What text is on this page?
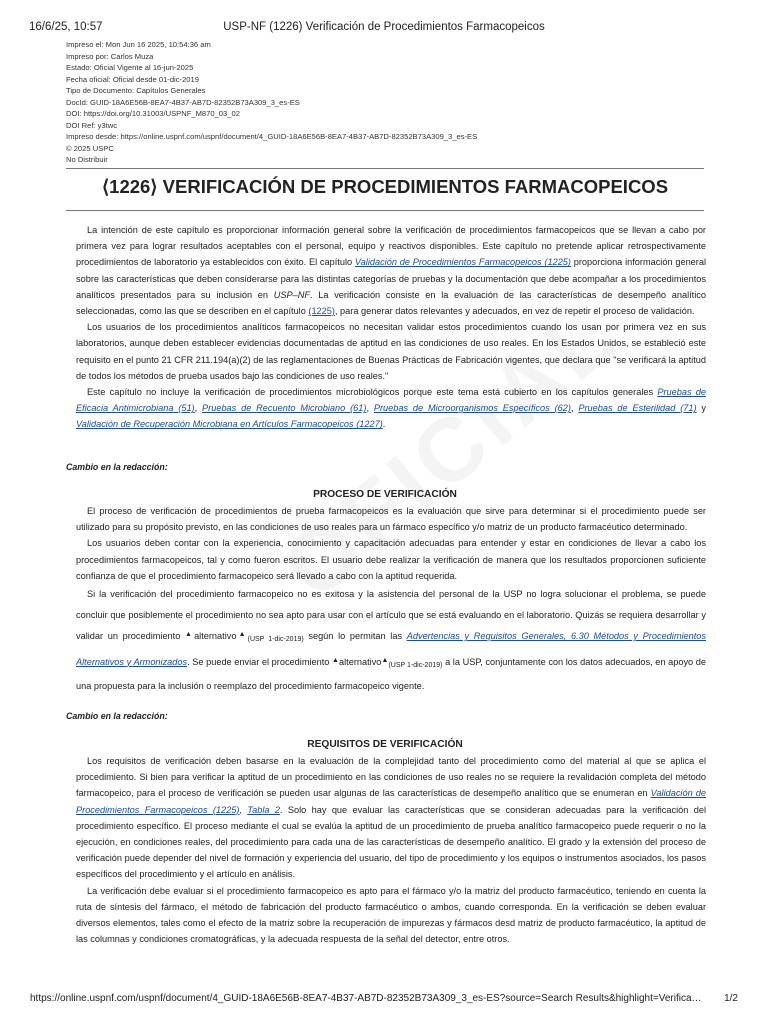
16/6/25, 10:57	USP-NF (1226) Verificación de Procedimientos Farmacopeicos
Impreso el: Mon Jun 16 2025, 10:54:36 am
Impreso por: Carlos Muza
Estado: Oficial Vigente al 16-jun-2025
Fecha oficial: Oficial desde 01-dic-2019
Tipo de Documento: Capítulos Generales
DocId: GUID-18A6E56B-8EA7-4B37-AB7D-82352B73A309_3_es-ES
DOI: https://doi.org/10.31003/USPNF_M870_03_02
DOI Ref: y3twc
Impreso desde: https://online.uspnf.com/uspnf/document/4_GUID-18A6E56B-8EA7-4B37-AB7D-82352B73A309_3_es-ES
© 2025 USPC
No Distribuir
⟨1226⟩ VERIFICACIÓN DE PROCEDIMIENTOS FARMACOPEICOS

La intención de este capítulo es proporcionar información general sobre la verificación de procedimientos farmacopeicos que se llevan a cabo por primera vez para lograr resultados aceptables con el personal, equipo y reactivos disponibles. Este capítulo no pretende aplicar retrospectivamente procedimientos de laboratorio ya establecidos con éxito. El capítulo Validación de Procedimientos Farmacopeicos (1225) proporciona información general sobre las características que deben considerarse para las distintas categorías de pruebas y la documentación que debe acompañar a los procedimientos analíticos presentados para su inclusión en USP–NF. La verificación consiste en la evaluación de las características de desempeño analítico seleccionadas, como las que se describen en el capítulo (1225), para generar datos relevantes y adecuados, en vez de repetir el proceso de validación.

Los usuarios de los procedimientos analíticos farmacopeicos no necesitan validar estos procedimientos cuando los usan por primera vez en sus laboratorios, aunque deben establecer evidencias documentadas de aptitud en las condiciones de uso reales. En los Estados Unidos, se estableció este requisito en el punto 21 CFR 211.194(a)(2) de las reglamentaciones de Buenas Prácticas de Fabricación vigentes, que declara que "se verificará la aptitud de todos los métodos de prueba usados bajo las condiciones de uso reales."

Este capítulo no incluye la verificación de procedimientos microbiológicos porque este tema está cubierto en los capítulos generales Pruebas de Eficacia Antimicrobiana (51), Pruebas de Recuento Microbiano (61), Pruebas de Microorganismos Específicos (62), Pruebas de Esterilidad (71) y Validación de Recuperación Microbiana en Artículos Farmacopeicos (1227).

Cambio en la redacción:
PROCESO DE VERIFICACIÓN

El proceso de verificación de procedimientos de prueba farmacopeicos es la evaluación que sirve para determinar si el procedimiento puede ser utilizado para su propósito previsto, en las condiciones de uso reales para un fármaco específico y/o matriz de un producto farmacéutico determinado.

Los usuarios deben contar con la experiencia, conocimiento y capacitación adecuadas para entender y estar en condiciones de llevar a cabo los procedimientos farmacopeicos, tal y como fueron escritos. El usuario debe realizar la verificación de manera que los resultados proporcionen suficiente confianza de que el procedimiento farmacopeico será llevado a cabo con la aptitud requerida.

Si la verificación del procedimiento farmacopeico no es exitosa y la asistencia del personal de la USP no logra solucionar el problema, se puede concluir que posiblemente el procedimiento no sea apto para usar con el artículo que se está evaluando en el laboratorio. Quizás se requiera desarrollar y validar un procedimiento ▲alternativo▲$_{(USP 1-dic-2019)}$ según lo permitan las Advertencias y Requisitos Generales, 6.30 Métodos y Procedimientos Alternativos y Armonizados. Se puede enviar el procedimiento ▲alternativo▲$_{(USP 1-dic-2019)}$ a la USP, conjuntamente con los datos adecuados, en apoyo de una propuesta para la inclusión o reemplazo del procedimiento farmacopeico vigente.

Cambio en la redacción:
REQUISITOS DE VERIFICACIÓN

Los requisitos de verificación deben basarse en la evaluación de la complejidad tanto del procedimiento como del material al que se aplica el procedimiento. Si bien para verificar la aptitud de un procedimiento en las condiciones de uso reales no se requiere la revalidación completa del método farmacopeico, para el proceso de verificación se pueden usar algunas de las características de desempeño analítico que se enumeran en Validación de Procedimientos Farmacopeicos (1225), Tabla 2. Solo hay que evaluar las características que se consideran adecuadas para la verificación del procedimiento específico. El proceso mediante el cual se evalúa la aptitud de un procedimiento de prueba analítico farmacopeico puede requerir o no la ejecución, en condiciones reales, del procedimiento para cada una de las características de desempeño analítico. El grado y la extensión del proceso de verificación puede depender del nivel de formación y experiencia del usuario, del tipo de procedimiento y los equipos o instrumentos asociados, los pasos específicos del procedimiento y el artículo en análisis.

La verificación debe evaluar si el procedimiento farmacopeico es apto para el fármaco y/o la matriz del producto farmacéutico, teniendo en cuenta la ruta de síntesis del fármaco, el método de fabricación del producto farmacéutico o ambos, cuando corresponda. En la verificación se deben evaluar diversos elementos, tales como el efecto de la matriz sobre la recuperación de impurezas y fármacos desd matriz de producto farmacéutico, la aptitud de las columnas y condiciones cromatográficas, y la adecuada respuesta de la señal del detector, entre otros.

https://online.uspnf.com/uspnf/document/4_GUID-18A6E56B-8EA7-4B37-AB7D-82352B73A309_3_es-ES?source=Search Results&highlight=Verifica…	1/2
